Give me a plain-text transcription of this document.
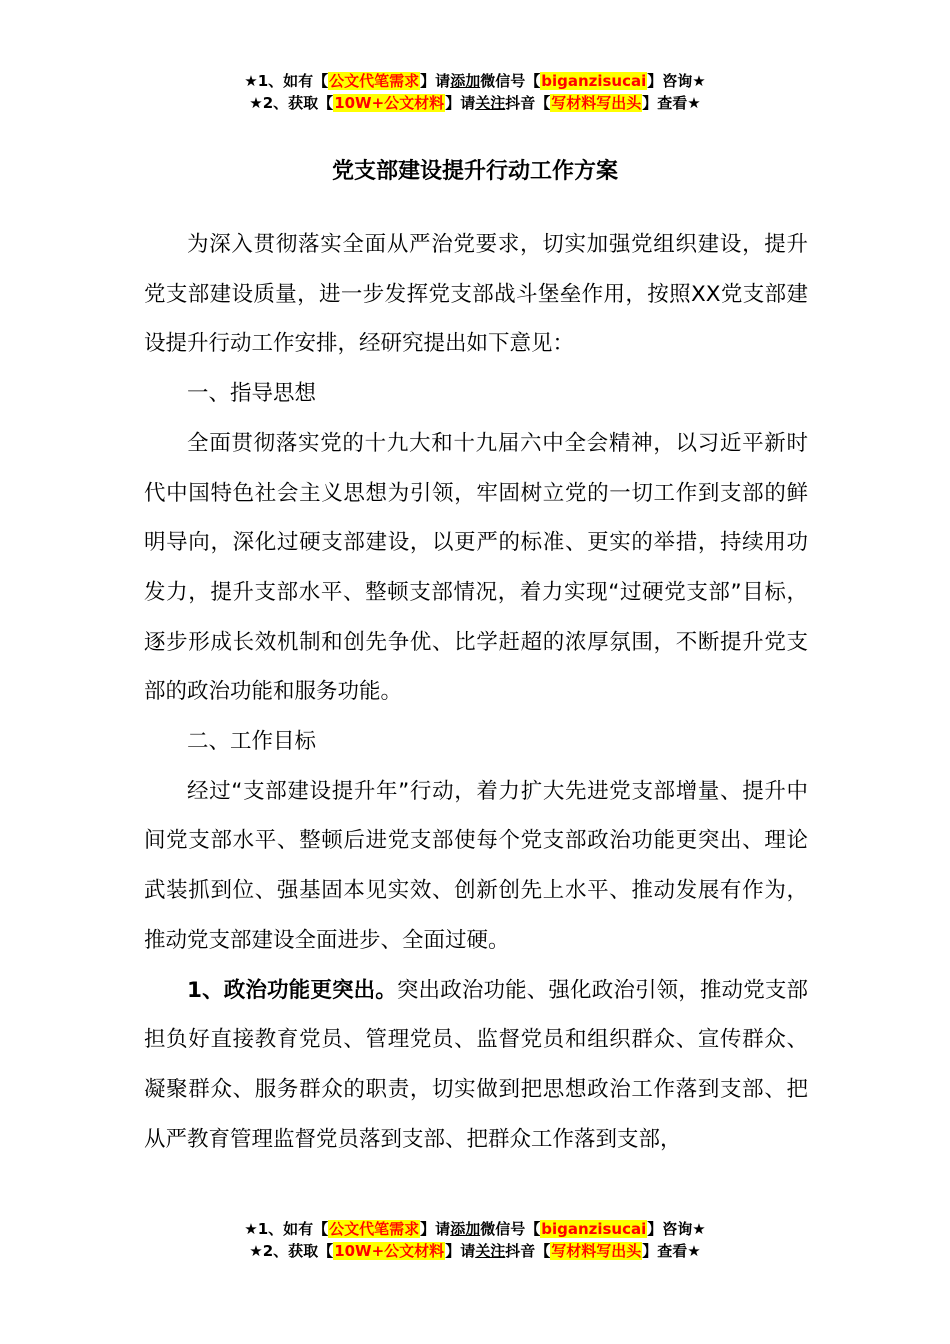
★1、如有【公文代笔需求】请添加微信号【biganzisucai】咨询★
★2、获取【10W+公文材料】请关注抖音【写材料写出头】查看★
党支部建设提升行动工作方案

为深入贯彻落实全面从严治党要求，切实加强党组织建设，提升党支部建设质量，进一步发挥党支部战斗堡垒作用，按照XX党支部建设提升行动工作安排，经研究提出如下意见：

一、指导思想

全面贯彻落实党的十九大和十九届六中全会精神，以习近平新时代中国特色社会主义思想为引领，牢固树立党的一切工作到支部的鲜明导向，深化过硬支部建设，以更严的标准、更实的举措，持续用功发力，提升支部水平、整顿支部情况，着力实现“过硬党支部”目标，逐步形成长效机制和创先争优、比学赶超的浓厚氛围，不断提升党支部的政治功能和服务功能。

二、工作目标

经过“支部建设提升年”行动，着力扩大先进党支部增量、提升中间党支部水平、整顿后进党支部使每个党支部政治功能更突出、理论武装抓到位、强基固本见实效、创新创先上水平、推动发展有作为，推动党支部建设全面进步、全面过硬。

1、政治功能更突出。突出政治功能、强化政治引领，推动党支部担负好直接教育党员、管理党员、监督党员和组织群众、宣传群众、凝聚群众、服务群众的职责，切实做到把思想政治工作落到支部、把从严教育管理监督党员落到支部、把群众工作落到支部，

★1、如有【公文代笔需求】请添加微信号【biganzisucai】咨询★
★2、获取【10W+公文材料】请关注抖音【写材料写出头】查看★
